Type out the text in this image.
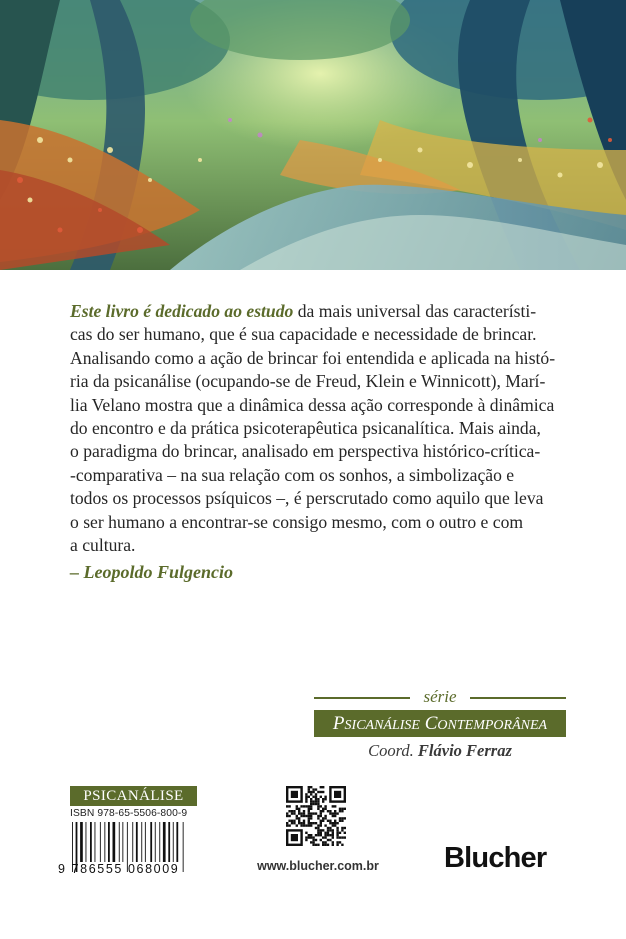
Este livro é dedicado ao estudo da mais universal das característi-

cas do ser humano, que é sua capacidade e necessidade de brincar.

Analisando como a ação de brincar foi entendida e aplicada na histó-

ria da psicanálise (ocupando-se de Freud, Klein e Winnicott), Marí-

lia Velano mostra que a dinâmica dessa ação corresponde à dinâmica

do encontro e da prática psicoterapêutica psicanalítica. Mais ainda,

o paradigma do brincar, analisado em perspectiva histórico-crítica-

-comparativa – na sua relação com os sonhos, a simbolização e

todos os processos psíquicos –, é perscrutado como aquilo que leva

o ser humano a encontrar-se consigo mesmo, com o outro e com

a cultura.

– Leopoldo Fulgencio
série
PSICANÁLISE CONTEMPORÂNEA
Coord. Flávio Ferraz
PSICANÁLISE
ISBN 978-65-5506-800-9
9 786555 068009	www.blucher.com.br Blucher
